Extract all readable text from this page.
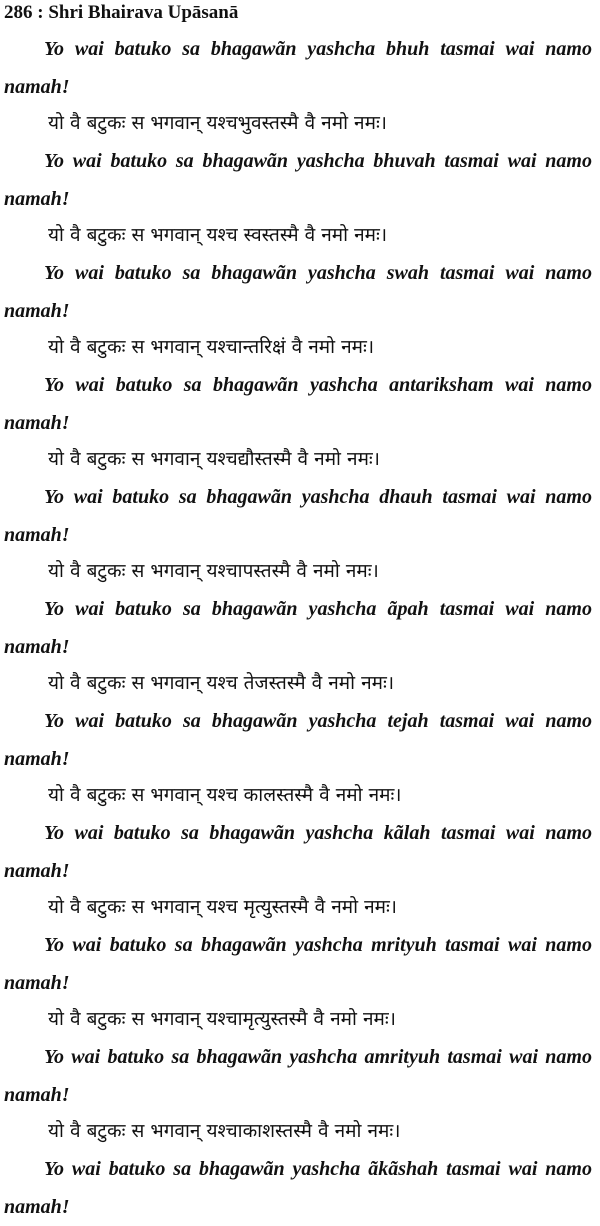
286 : Shri Bhairava Upāsanā

Yo wai batuko sa bhagawãn yashcha bhuh tasmai wai namo namah!

यो वै बटुकः स भगवान् यश्चभुवस्तस्मै वै नमो नमः।

Yo wai batuko sa bhagawãn yashcha bhuvah tasmai wai namo namah!

यो वै बटुकः स भगवान् यश्च स्वस्तस्मै वै नमो नमः।

Yo wai batuko sa bhagawãn yashcha swah tasmai wai namo namah!

यो वै बटुकः स भगवान् यश्चान्तरिक्षं वै नमो नमः।

Yo wai batuko sa bhagawãn yashcha antariksham wai namo namah!

यो वै बटुकः स भगवान् यश्चद्यौस्तस्मै वै नमो नमः।

Yo wai batuko sa bhagawãn yashcha dhauh tasmai wai namo namah!

यो वै बटुकः स भगवान् यश्चापस्तस्मै वै नमो नमः।

Yo wai batuko sa bhagawãn yashcha ãpah tasmai wai namo namah!

यो वै बटुकः स भगवान् यश्च तेजस्तस्मै वै नमो नमः।

Yo wai batuko sa bhagawãn yashcha tejah tasmai wai namo namah!

यो वै बटुकः स भगवान् यश्च कालस्तस्मै वै नमो नमः।

Yo wai batuko sa bhagawãn yashcha kãlah tasmai wai namo namah!

यो वै बटुकः स भगवान् यश्च मृत्युस्तस्मै वै नमो नमः।

Yo wai batuko sa bhagawãn yashcha mrityuh tasmai wai namo namah!

यो वै बटुकः स भगवान् यश्चामृत्युस्तस्मै वै नमो नमः।

Yo wai batuko sa bhagawãn yashcha amrityuh tasmai wai namo namah!

यो वै बटुकः स भगवान् यश्चाकाशस्तस्मै वै नमो नमः।

Yo wai batuko sa bhagawãn yashcha ãkãshah tasmai wai namo namah!
